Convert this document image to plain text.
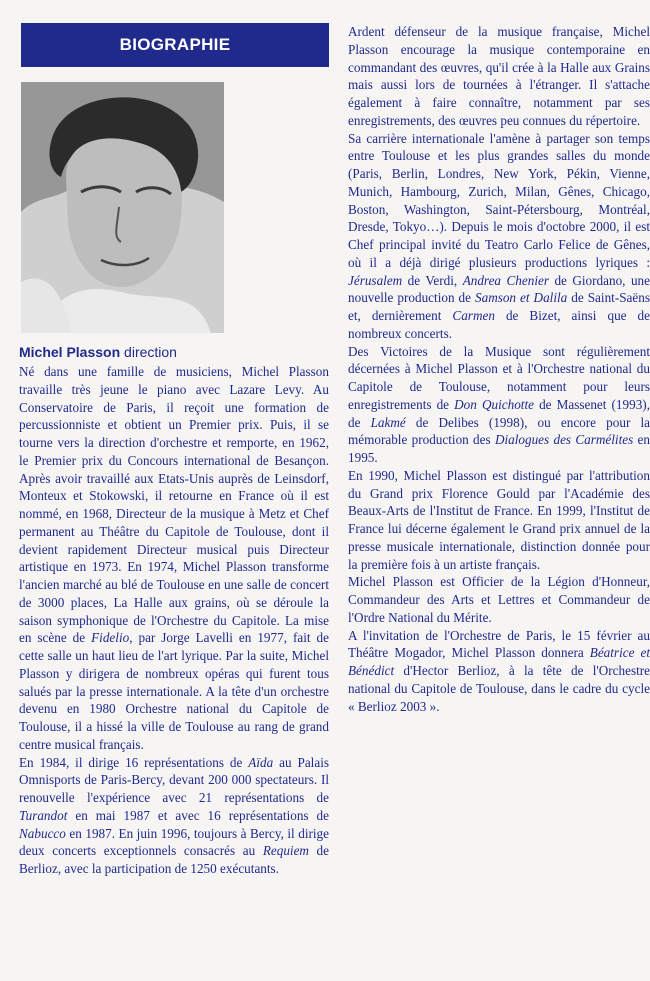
BIOGRAPHIE
Michel Plasson direction

Né dans une famille de musiciens, Michel Plasson travaille très jeune le piano avec Lazare Levy. Au Conservatoire de Paris, il reçoit une formation de percussionniste et obtient un Premier prix. Puis, il se tourne vers la direction d'orchestre et remporte, en 1962, le Premier prix du Concours international de Besançon. Après avoir travaillé aux Etats-Unis auprès de Leinsdorf, Monteux et Stokowski, il retourne en France où il est nommé, en 1968, Directeur de la musique à Metz et Chef permanent au Théâtre du Capitole de Toulouse, dont il devient rapidement Directeur musical puis Directeur artistique en 1973. En 1974, Michel Plasson transforme l'ancien marché au blé de Toulouse en une salle de concert de 3000 places, La Halle aux grains, où se déroule la saison symphonique de l'Orchestre du Capitole. La mise en scène de Fidelio, par Jorge Lavelli en 1977, fait de cette salle un haut lieu de l'art lyrique. Par la suite, Michel Plasson y dirigera de nombreux opéras qui furent tous salués par la presse internationale. A la tête d'un orchestre devenu en 1980 Orchestre national du Capitole de Toulouse, il a hissé la ville de Toulouse au rang de grand centre musical français.

En 1984, il dirige 16 représentations de Aïda au Palais Omnisports de Paris-Bercy, devant 200 000 spectateurs. Il renouvelle l'expérience avec 21 représentations de Turandot en mai 1987 et avec 16 représentations de Nabucco en 1987. En juin 1996, toujours à Bercy, il dirige deux concerts exceptionnels consacrés au Requiem de Berlioz, avec la participation de 1250 exécutants.

Ardent défenseur de la musique française, Michel Plasson encourage la musique contemporaine en commandant des œuvres, qu'il crée à la Halle aux Grains mais aussi lors de tournées à l'étranger. Il s'attache également à faire connaître, notamment par ses enregistrements, des œuvres peu connues du répertoire.

Sa carrière internationale l'amène à partager son temps entre Toulouse et les plus grandes salles du monde (Paris, Berlin, Londres, New York, Pékin, Vienne, Munich, Hambourg, Zurich, Milan, Gênes, Chicago, Boston, Washington, Saint-Pétersbourg, Montréal, Dresde, Tokyo…). Depuis le mois d'octobre 2000, il est Chef principal invité du Teatro Carlo Felice de Gênes, où il a déjà dirigé plusieurs productions lyriques : Jérusalem de Verdi, Andrea Chenier de Giordano, une nouvelle production de Samson et Dalila de Saint-Saëns et, dernièrement Carmen de Bizet, ainsi que de nombreux concerts.

Des Victoires de la Musique sont régulièrement décernées à Michel Plasson et à l'Orchestre national du Capitole de Toulouse, notamment pour leurs enregistrements de Don Quichotte de Massenet (1993), de Lakmé de Delibes (1998), ou encore pour la mémorable production des Dialogues des Carmélites en 1995.

En 1990, Michel Plasson est distingué par l'attribution du Grand prix Florence Gould par l'Académie des Beaux-Arts de l'Institut de France. En 1999, l'Institut de France lui décerne également le Grand prix annuel de la presse musicale internationale, distinction donnée pour la première fois à un artiste français.

Michel Plasson est Officier de la Légion d'Honneur, Commandeur des Arts et Lettres et Commandeur de l'Ordre National du Mérite.

A l'invitation de l'Orchestre de Paris, le 15 février au Théâtre Mogador, Michel Plasson donnera Béatrice et Bénédict d'Hector Berlioz, à la tête de l'Orchestre national du Capitole de Toulouse, dans le cadre du cycle « Berlioz 2003 ».
